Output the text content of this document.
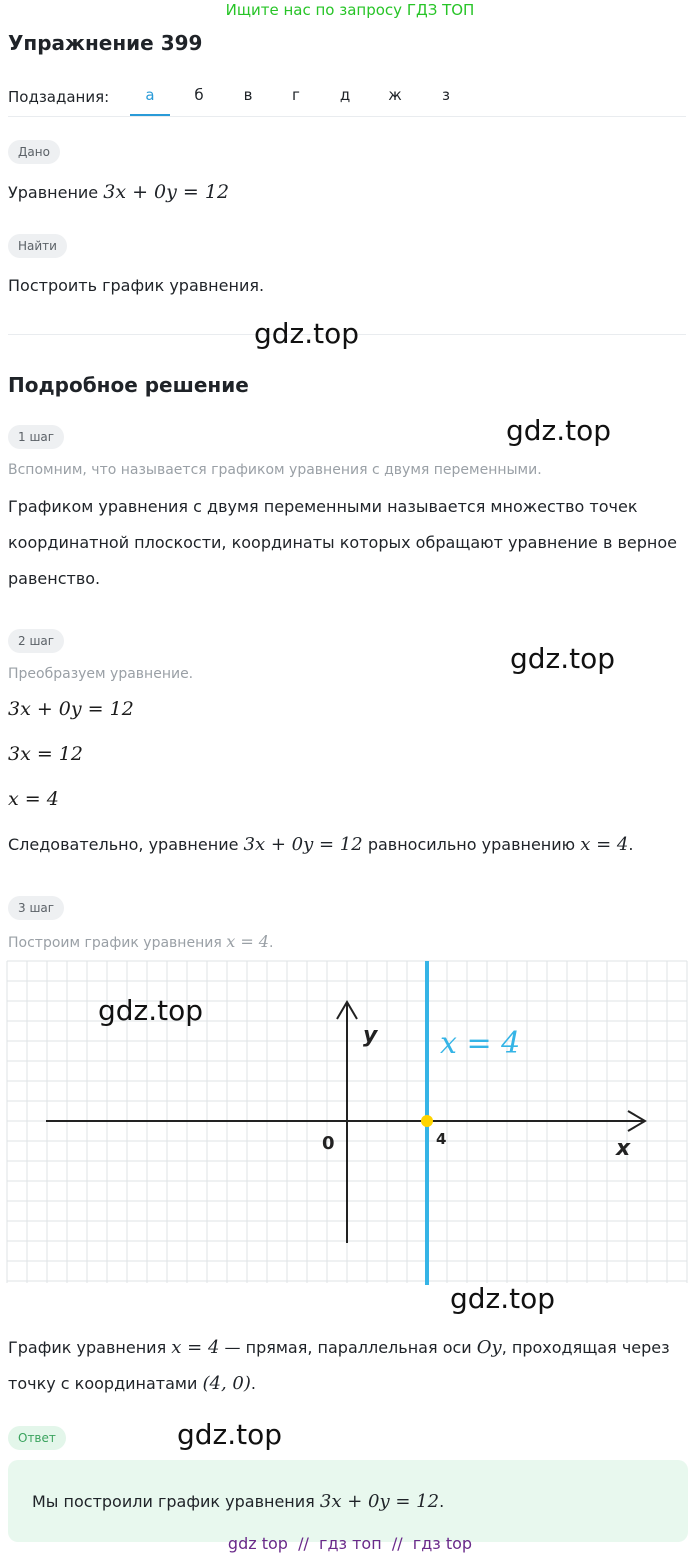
Ищите нас по запросу ГДЗ ТОП
Упражнение 399
Подзадания:	а	б	в	г	д	ж	з
Дано
Уравнение 3x + 0y = 12
Найти
Построить график уравнения.
gdz.top
Подробное решение
gdz.top
1 шаг
Вспомним, что называется графиком уравнения с двумя переменными.
Графиком уравнения с двумя переменными называется множество точек
координатной плоскости, координаты которых обращают уравнение в верное
равенство.
2 шаг
gdz.top
Преобразуем уравнение.
3x + 0y = 12
3x = 12
x = 4
Следовательно, уравнение 3x + 0y = 12 равносильно уравнению x = 4.
3 шаг
Построим график уравнения x = 4.
y
x
0	4
x = 4
gdz.top
gdz.top
График уравнения x = 4 — прямая, параллельная оси Oy, проходящая через
точку с координатами (4, 0).
Ответ	gdz.top
Мы построили график уравнения 3x + 0y = 12.
gdz top  //  гдз топ  //  гдз top
